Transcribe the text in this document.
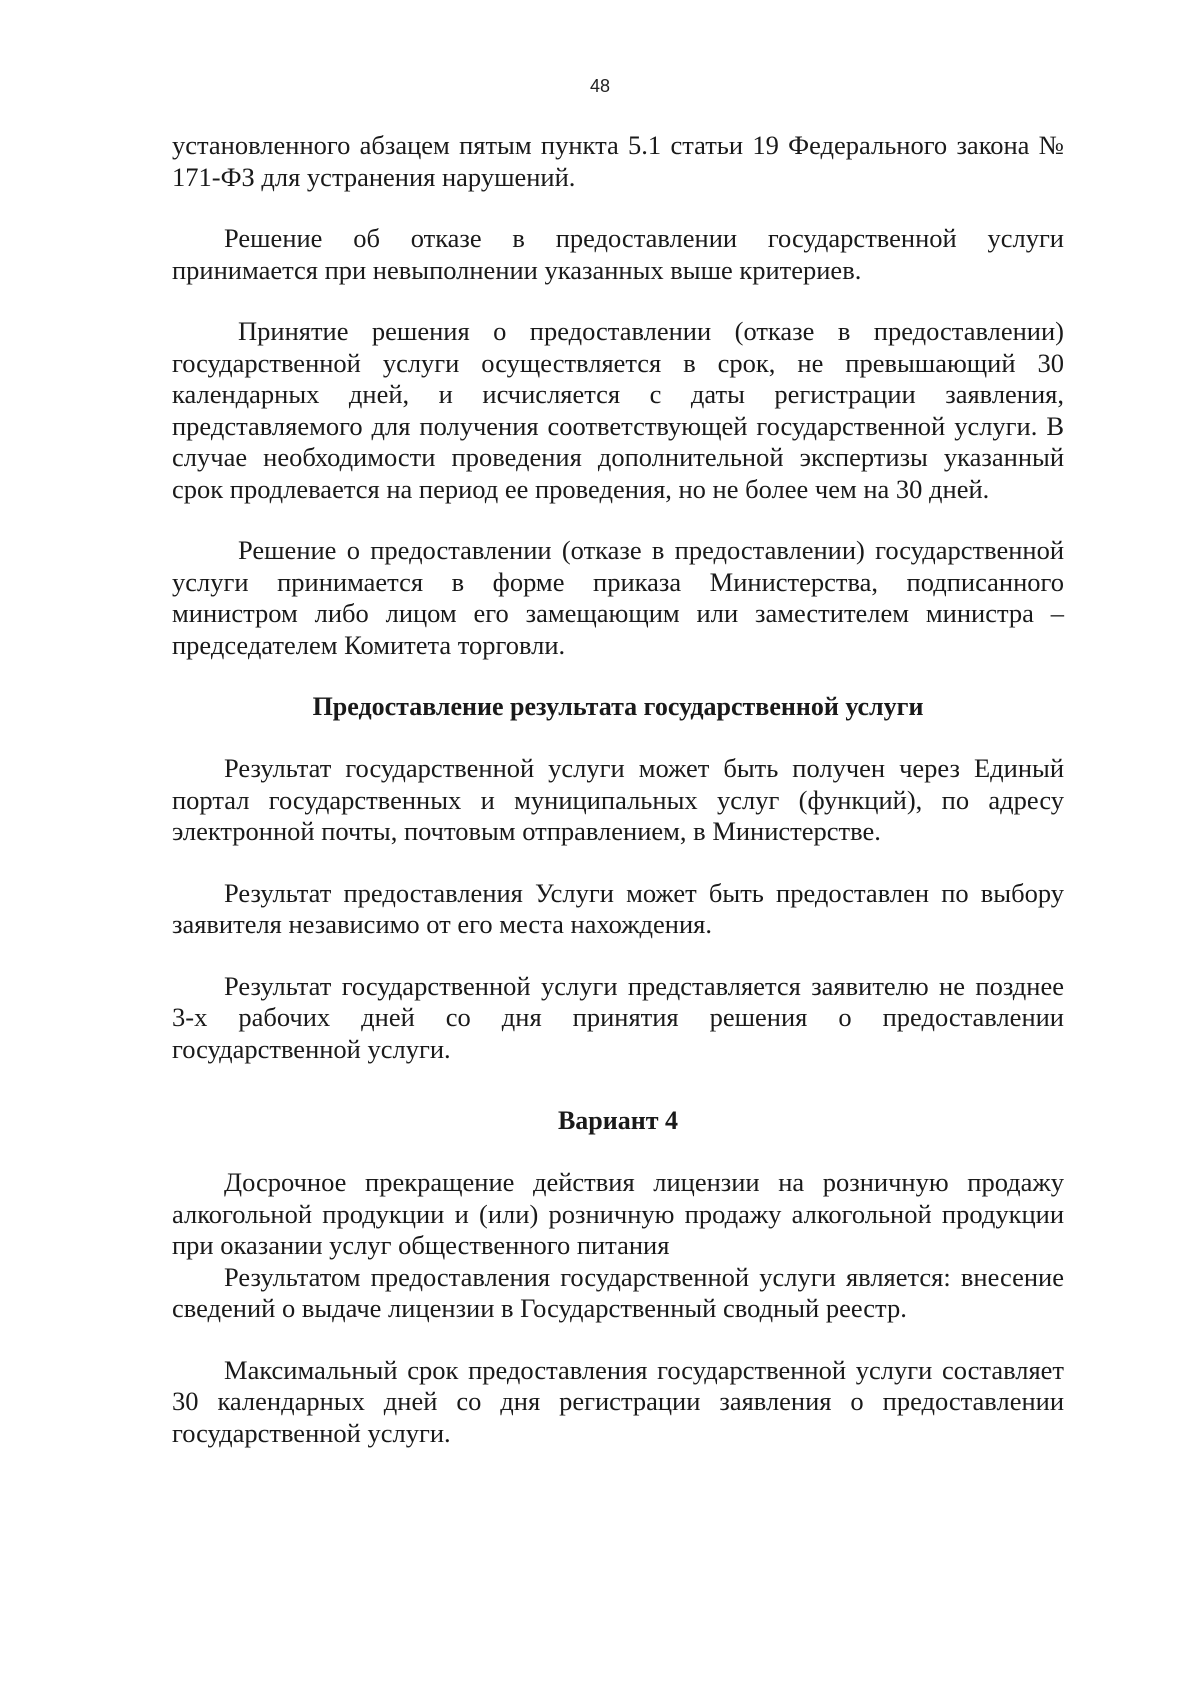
48

установленного абзацем пятым пункта 5.1 статьи 19 Федерального закона № 171-ФЗ для устранения нарушений.

Решение об отказе в предоставлении государственной услуги принимается при невыполнении указанных выше критериев.

Принятие решения о предоставлении (отказе в предоставлении) государственной услуги осуществляется в срок, не превышающий 30 календарных дней, и исчисляется с даты регистрации заявления, представляемого для получения соответствующей государственной услуги. В случае необходимости проведения дополнительной экспертизы указанный срок продлевается на период ее проведения, но не более чем на 30 дней.

Решение о предоставлении (отказе в предоставлении) государственной услуги принимается в форме приказа Министерства, подписанного министром либо лицом его замещающим или заместителем министра – председателем Комитета торговли.

Предоставление результата государственной услуги

Результат государственной услуги может быть получен через Единый портал государственных и муниципальных услуг (функций), по адресу электронной почты, почтовым отправлением, в Министерстве.

Результат предоставления Услуги может быть предоставлен по выбору заявителя независимо от его места нахождения.

Результат государственной услуги представляется заявителю не позднее 3-х рабочих дней со дня принятия решения о предоставлении государственной услуги.

Вариант 4

Досрочное прекращение действия лицензии на розничную продажу алкогольной продукции и (или) розничную продажу алкогольной продукции при оказании услуг общественного питания

Результатом предоставления государственной услуги является: внесение сведений о выдаче лицензии в Государственный сводный реестр.

Максимальный срок предоставления государственной услуги составляет 30 календарных дней со дня регистрации заявления о предоставлении государственной услуги.
